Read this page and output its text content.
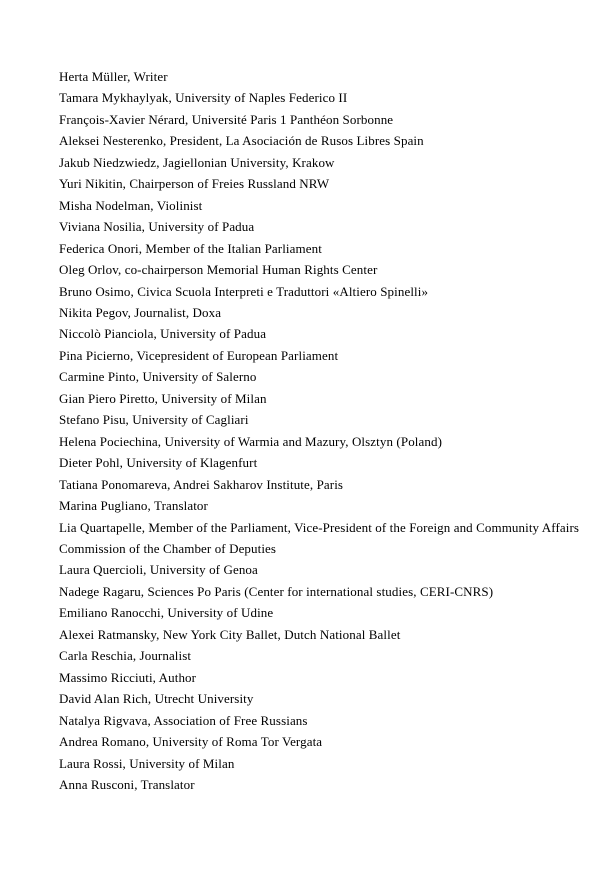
Herta Müller, Writer
Tamara Mykhaylyak, University of Naples Federico II
François-Xavier Nérard, Université Paris 1 Panthéon Sorbonne
Aleksei Nesterenko, President, La Asociación de Rusos Libres Spain
Jakub Niedzwiedz, Jagiellonian University, Krakow
Yuri Nikitin, Chairperson of Freies Russland NRW
Misha Nodelman, Violinist
Viviana Nosilia, University of Padua
Federica Onori, Member of the Italian Parliament
Oleg Orlov, co-chairperson Memorial Human Rights Center
Bruno Osimo, Civica Scuola Interpreti e Traduttori «Altiero Spinelli»
Nikita Pegov, Journalist, Doxa
Niccolò Pianciola, University of Padua
Pina Picierno, Vicepresident of European Parliament
Carmine Pinto, University of Salerno
Gian Piero Piretto, University of Milan
Stefano Pisu, University of Cagliari
Helena Pociechina, University of Warmia and Mazury, Olsztyn (Poland)
Dieter Pohl, University of Klagenfurt
Tatiana Ponomareva, Andrei Sakharov Institute, Paris
Marina Pugliano, Translator
Lia Quartapelle, Member of the Parliament, Vice-President of the Foreign and Community Affairs
Commission of the Chamber of Deputies
Laura Quercioli, University of Genoa
Nadege Ragaru, Sciences Po Paris (Center for international studies, CERI-CNRS)
Emiliano Ranocchi, University of Udine
Alexei Ratmansky, New York City Ballet, Dutch National Ballet
Carla Reschia, Journalist
Massimo Ricciuti, Author
David Alan Rich, Utrecht University
Natalya Rigvava, Association of Free Russians
Andrea Romano, University of Roma Tor Vergata
Laura Rossi, University of Milan
Anna Rusconi, Translator
